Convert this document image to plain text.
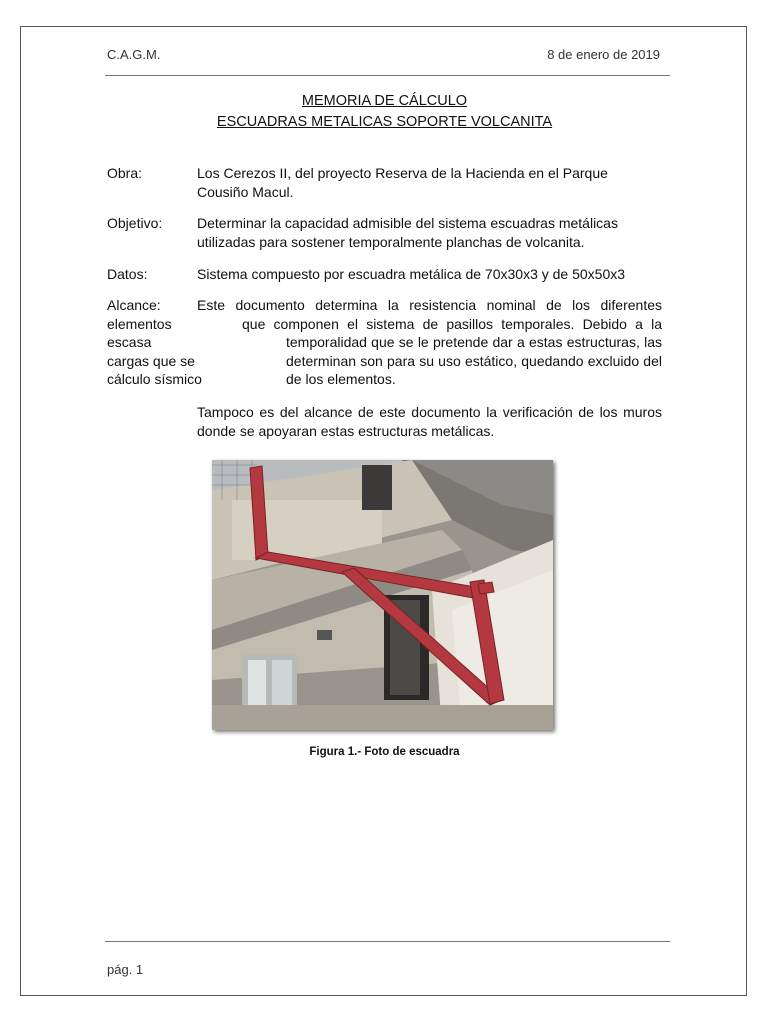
C.A.G.M.	8 de enero de 2019
MEMORIA DE CÁLCULO
ESCUADRAS METALICAS SOPORTE VOLCANITA
Obra:	Los Cerezos II, del proyecto Reserva de la Hacienda en el Parque Cousiño Macul.
Objetivo: Determinar la capacidad admisible del sistema escuadras metálicas utilizadas para sostener temporalmente planchas de volcanita.
Datos:	Sistema compuesto por escuadra metálica de 70x30x3 y de 50x50x3
Alcance:	Este documento determina la resistencia nominal de los diferentes
elementos	que componen el sistema de pasillos temporales. Debido a la
escasa	temporalidad que se le pretende dar a estas estructuras, las
cargas que se	determinan son para su uso estático, quedando excluido del
cálculo sísmico	de los elementos.
Tampoco es del alcance de este documento la verificación de los muros donde se apoyaran estas estructuras metálicas.
Figura 1.- Foto de escuadra
pág. 1
